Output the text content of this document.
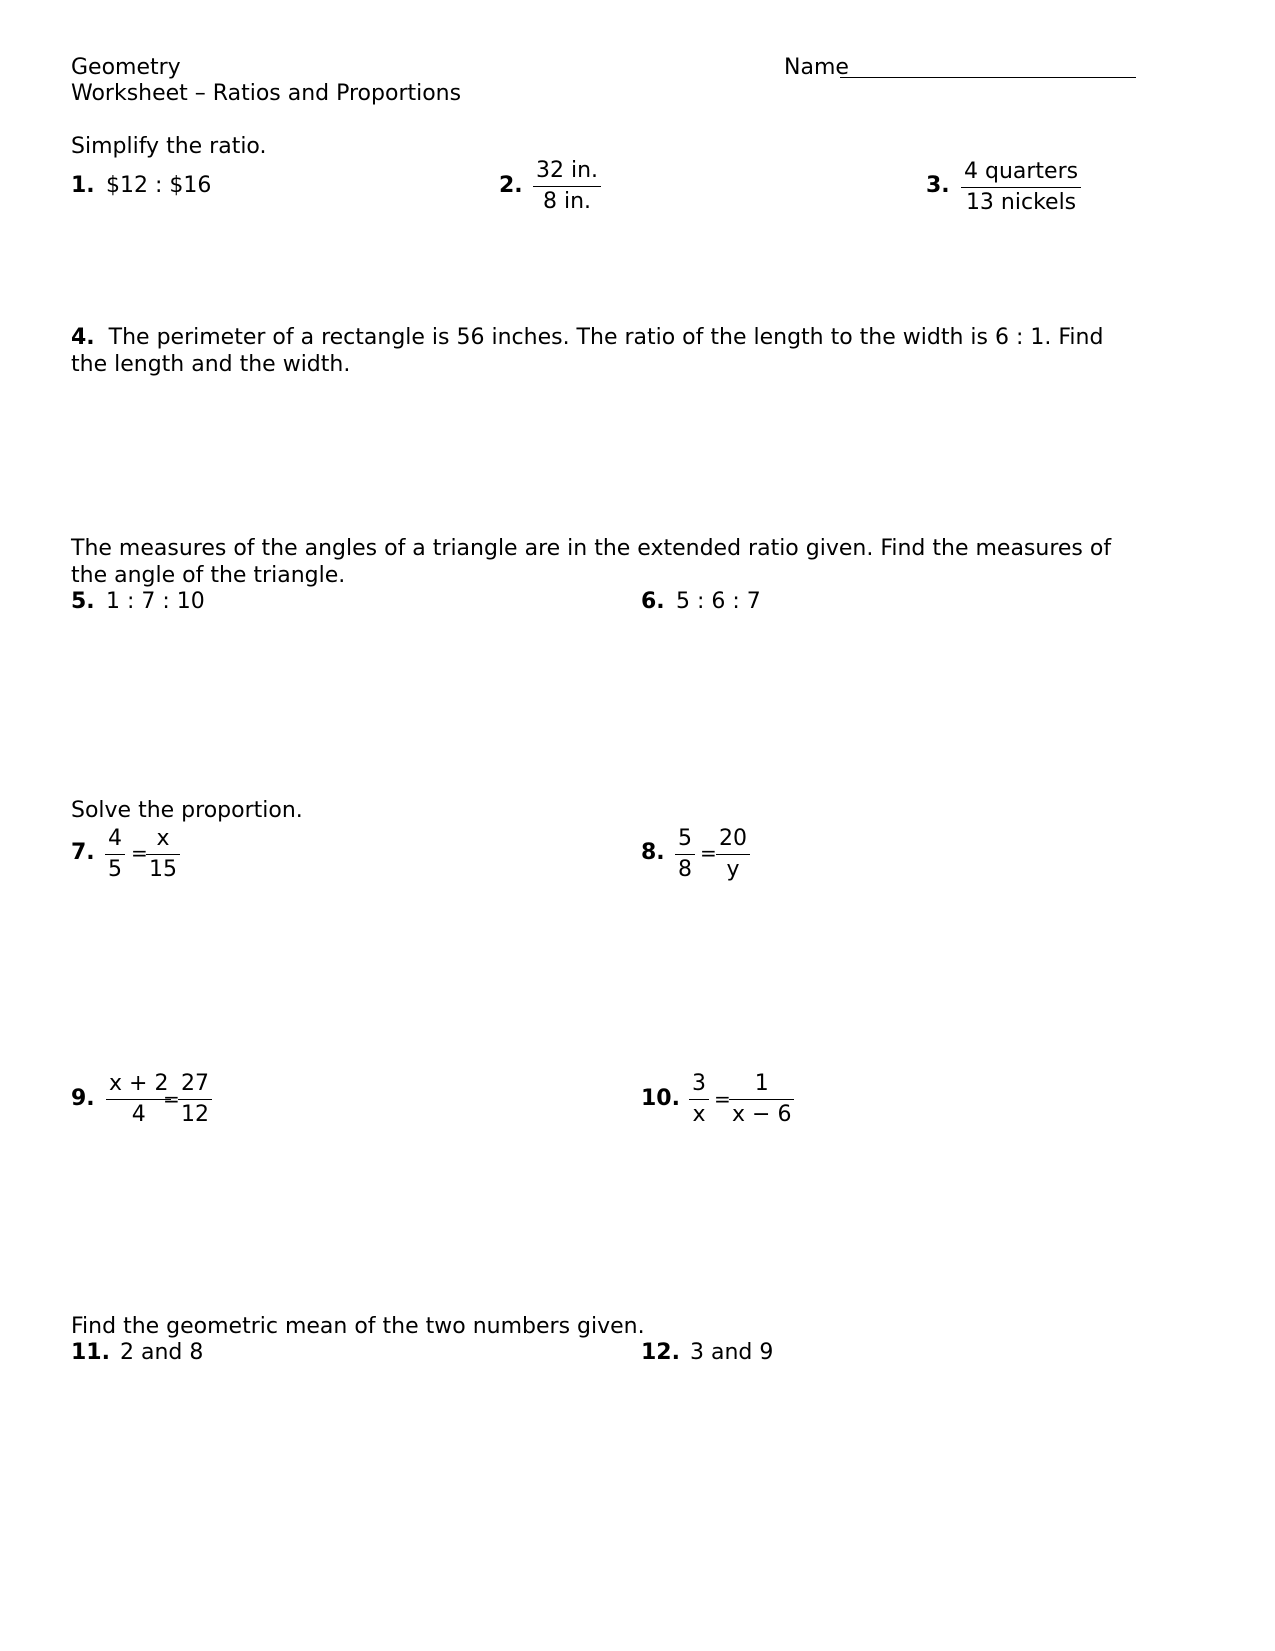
Geometry
Worksheet – Ratios and Proportions
Name
Simplify the ratio.
1. $12 : $16	2.
32 in.
8 in.
3.
4 quarters
13 nickels
4. The perimeter of a rectangle is 56 inches. The ratio of the length to the width is 6 : 1. Find the length and the width.
The measures of the angles of a triangle are in the extended ratio given. Find the measures of the angle of the triangle.
5. 1 : 7 : 10	6. 5 : 6 : 7
Solve the proportion.
7.
4
5
=
x
15
8.
5
8
=
20
y
9.
x + 2
4
=
27
12
10.
3
x
=
1
x − 6
Find the geometric mean of the two numbers given.
11. 2 and 8	12. 3 and 9
